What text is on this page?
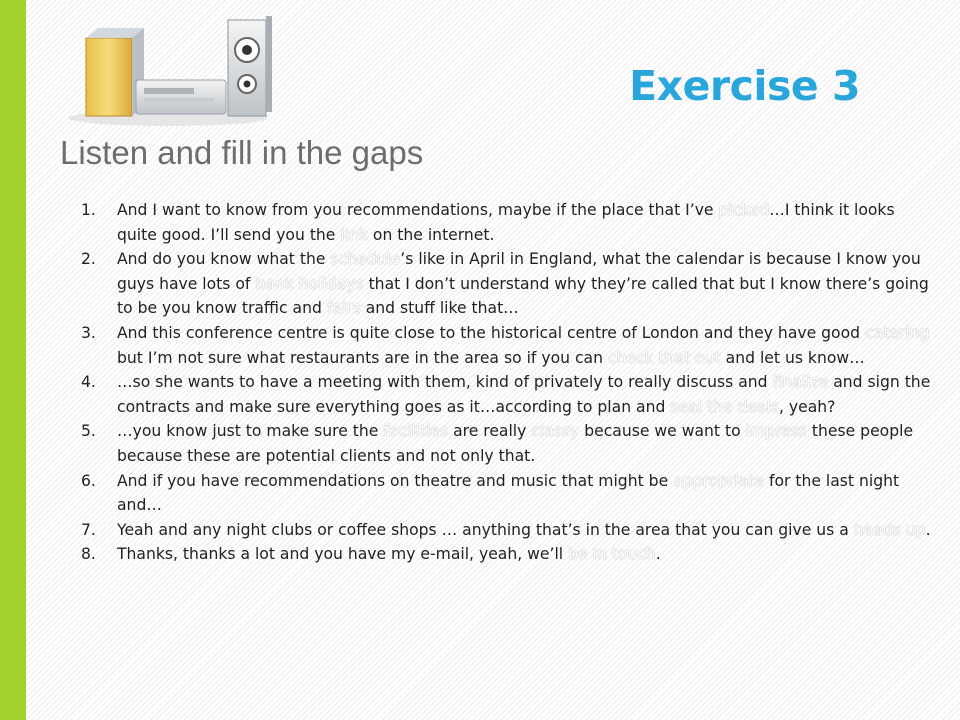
Exercise 3
Listen and fill in the gaps
1. And I want to know from you recommendations, maybe if the place that I’ve picked…I think it looks quite good. I’ll send you the link on the internet.
2. And do you know what the schedule’s like in April in England, what the calendar is because I know you guys have lots of bank holidays that I don’t understand why they’re called that but I know there’s going to be you know traffic and fairs and stuff like that…
3. And this conference centre is quite close to the historical centre of London and they have good catering but I’m not sure what restaurants are in the area so if you can check that out and let us know…
4. …so she wants to have a meeting with them, kind of privately to really discuss and finalize and sign the contracts and make sure everything goes as it…according to plan and seal the deals, yeah?
5. …you know just to make sure the facilities are really classy because we want to impress these people because these are potential clients and not only that.
6. And if you have recommendations on theatre and music that might be appropriate for the last night and…
7. Yeah and any night clubs or coffee shops … anything that’s in the area that you can give us a heads up.
8. Thanks, thanks a lot and you have my e-mail, yeah, we’ll be in touch.
